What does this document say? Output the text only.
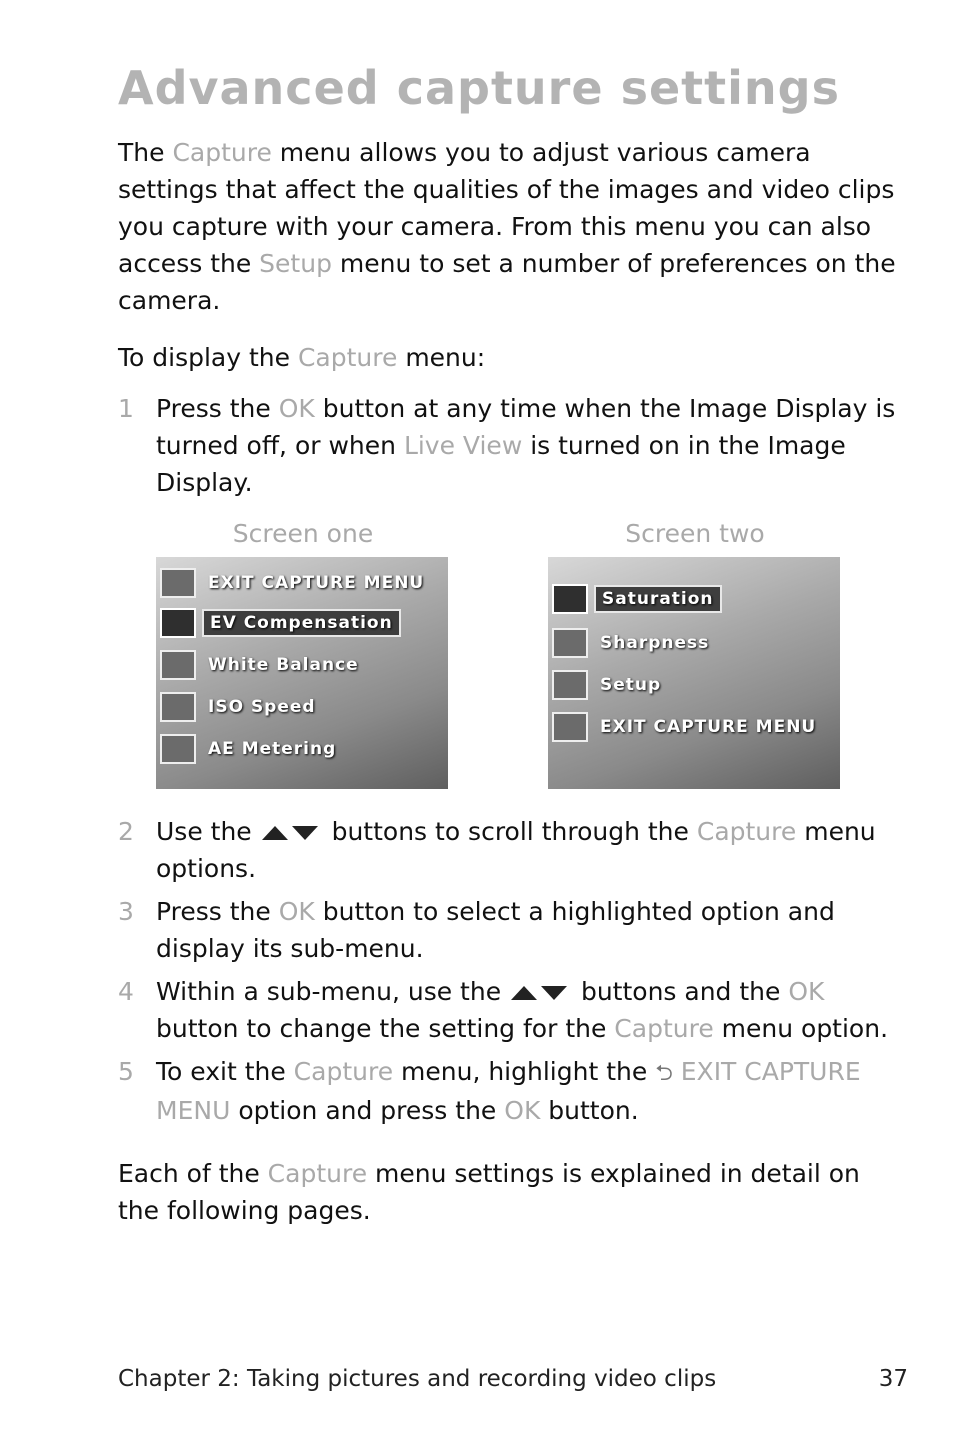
Advanced capture settings

The Capture menu allows you to adjust various camera settings that affect the qualities of the images and video clips you capture with your camera. From this menu you can also access the Setup menu to set a number of preferences on the camera.

To display the Capture menu:

1 Press the OK button at any time when the Image Display is turned off, or when Live View is turned on in the Image Display.
Screen one
EXIT CAPTURE MENU
EV Compensation
White Balance
ISO Speed
AE Metering
Screen two
Saturation
Sharpness
Setup
EXIT CAPTURE MENU
2 Use the	buttons to scroll through the Capture menu options.
3 Press the OK button to select a highlighted option and display its sub-menu.
4 Within a sub-menu, use the	buttons and the OK button to change the setting for the Capture menu option.
5 To exit the Capture menu, highlight the ⮌ EXIT CAPTURE MENU option and press the OK button.

Each of the Capture menu settings is explained in detail on the following pages.

Chapter 2: Taking pictures and recording video clips	37
